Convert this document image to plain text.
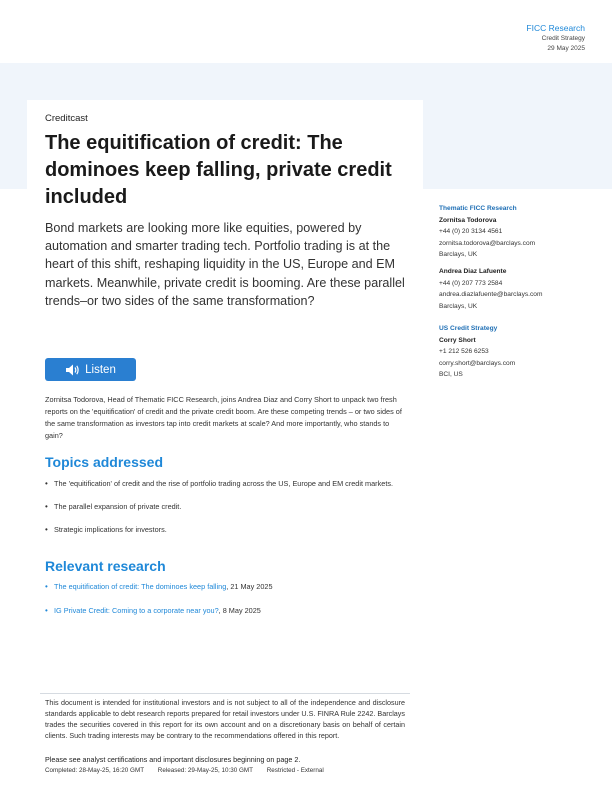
FICC Research
Credit Strategy
29 May 2025
Creditcast
The equitification of credit: The dominoes keep falling, private credit included

Bond markets are looking more like equities, powered by automation and smarter trading tech. Portfolio trading is at the heart of this shift, reshaping liquidity in the US, Europe and EM markets. Meanwhile, private credit is booming. Are these parallel trends–or two sides of the same transformation?

Listen

Zornitsa Todorova, Head of Thematic FICC Research, joins Andrea Diaz and Corry Short to unpack two fresh reports on the 'equitification' of credit and the private credit boom. Are these competing trends – or two sides of the same transformation as investors tap into credit markets at scale? And more importantly, who stands to gain?

Topics addressed
• The 'equitification' of credit and the rise of portfolio trading across the US, Europe and EM credit markets.
• The parallel expansion of private credit.
• Strategic implications for investors.
Relevant research
• The equitification of credit: The dominoes keep falling, 21 May 2025
• IG Private Credit: Coming to a corporate near you?, 8 May 2025
Thematic FICC Research
Zornitsa Todorova
+44 (0) 20 3134 4561
zornitsa.todorova@barclays.com
Barclays, UK
Andrea Diaz Lafuente
+44 (0) 207 773 2584
andrea.diazlafuente@barclays.com
Barclays, UK
US Credit Strategy
Corry Short
+1 212 526 6253
corry.short@barclays.com
BCI, US

This document is intended for institutional investors and is not subject to all of the independence and disclosure standards applicable to debt research reports prepared for retail investors under U.S. FINRA Rule 2242. Barclays trades the securities covered in this report for its own account and on a discretionary basis on behalf of certain clients. Such trading interests may be contrary to the recommendations offered in this report.

Please see analyst certifications and important disclosures beginning on page 2.
Completed: 28-May-25, 16:20 GMT Released: 29-May-25, 10:30 GMT Restricted - External
